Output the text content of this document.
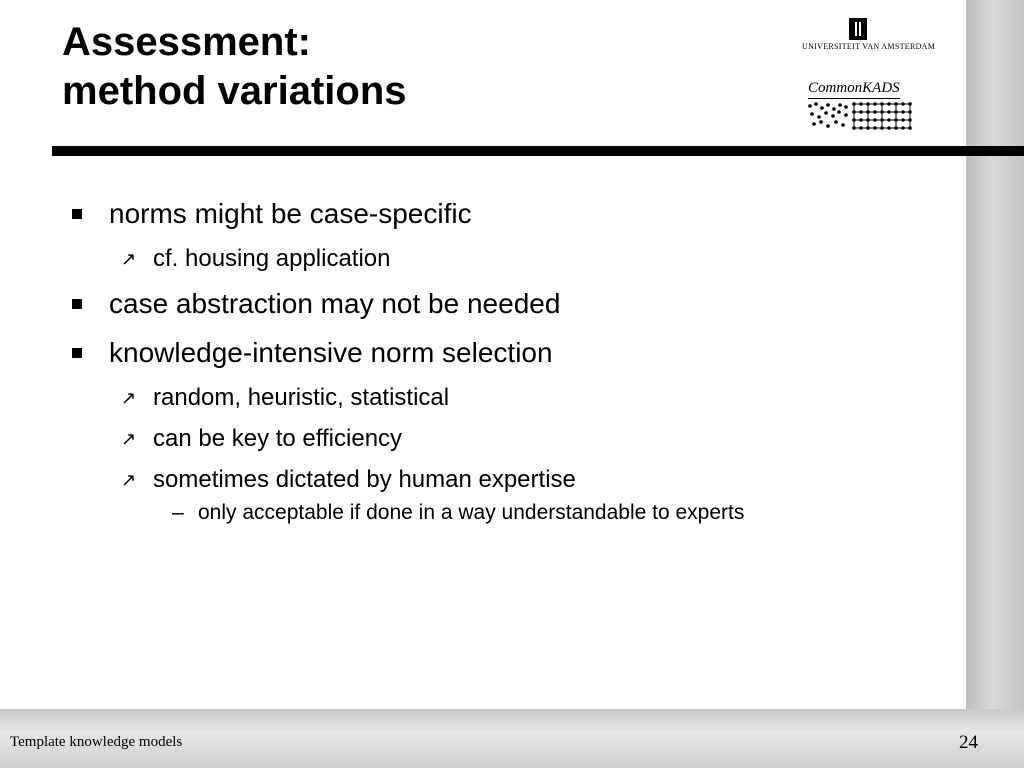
Assessment:
method variations
UNIVERSITEIT VAN AMSTERDAM
CommonKADS
norms might be case-specific
↗ cf. housing application
case abstraction may not be needed
knowledge-intensive norm selection
↗ random, heuristic, statistical
↗ can be key to efficiency
↗ sometimes dictated by human expertise
– only acceptable if done in a way understandable to experts
Template knowledge models	24
